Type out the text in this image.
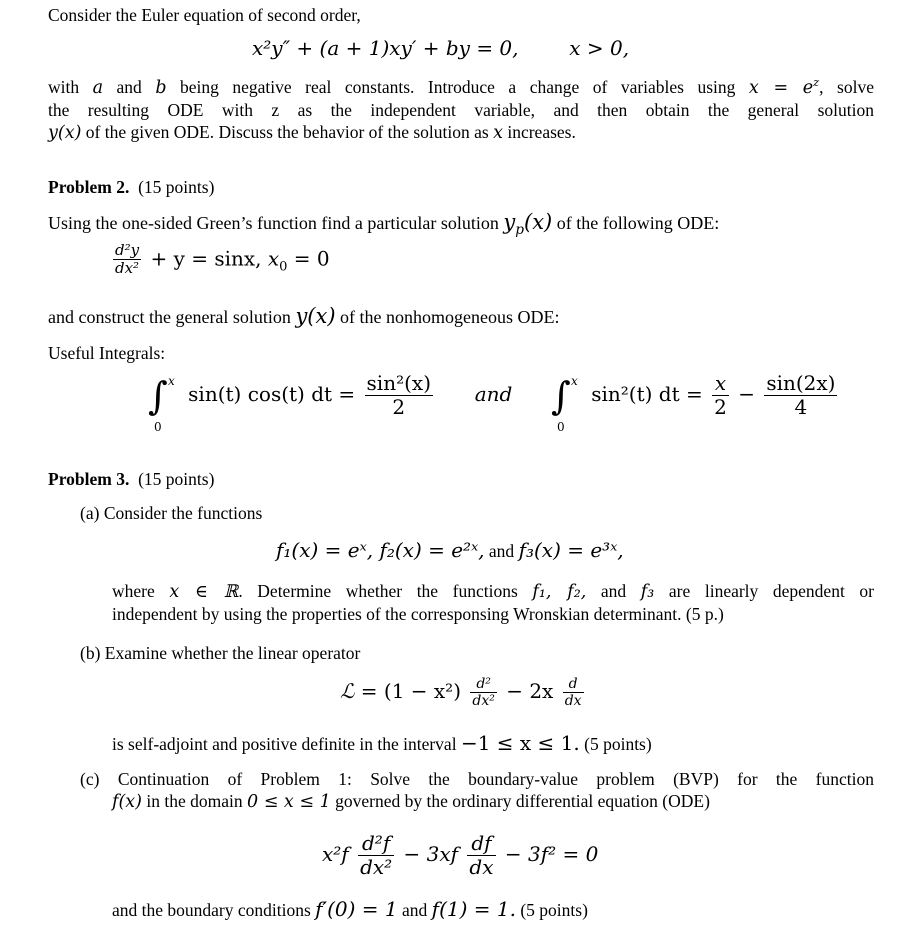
Consider the Euler equation of second order,
x²y″ + (a + 1)xy′ + by = 0,	x > 0,
with a and b being negative real constants. Introduce a change of variables using $x = e^z$, solve
the resulting ODE with z as the independent variable, and then obtain the general solution
y(x) of the given ODE. Discuss the behavior of the solution as x increases.
Problem 2. (15 points)
Using the one-sided Green’s function find a particular solution $y_p(x)$ of the following ODE:
$\frac{\text{d²y}}{\text{dx²}} + y = \sin x$, $x_0 = 0$
and construct the general solution y(x) of the nonhomogeneous ODE:
Useful Integrals:
∫ x
0
sin(t) cos(t) dt = $\frac{\text{sin²(x)}}{2}$ and ∫ x
0
sin²(t) dt = $\frac{x}{2} - \frac{\sin(2x)}{4}$
Problem 3. (15 points)
(a) Consider the functions
f₁(x) = eˣ, f₂(x) = e²ˣ, and f₃(x) = e³ˣ,
where x ∈ ℝ. Determine whether the functions f₁, f₂, and f₃ are linearly dependent or
independent by using the properties of the corresponsing Wronskian determinant. (5 p.)
(b) Examine whether the linear operator
ℒ = $(1 - x^2) \frac{\text{d²}}{\text{dx²}} - 2x \frac{d}{dx}$
is self-adjoint and positive definite in the interval −1 ≤ x ≤ 1. (5 points)
(c) Continuation of Problem 1: Solve the boundary-value problem (BVP) for the function
f(x) in the domain 0 ≤ x ≤ 1 governed by the ordinary differential equation (ODE)
$x^2f \frac{\text{d²f}}{\text{dx²}} - 3xf \frac{df}{dx} - 3f^2 = 0$
and the boundary conditions f′(0) = 1 and f(1) = 1. (5 points)
